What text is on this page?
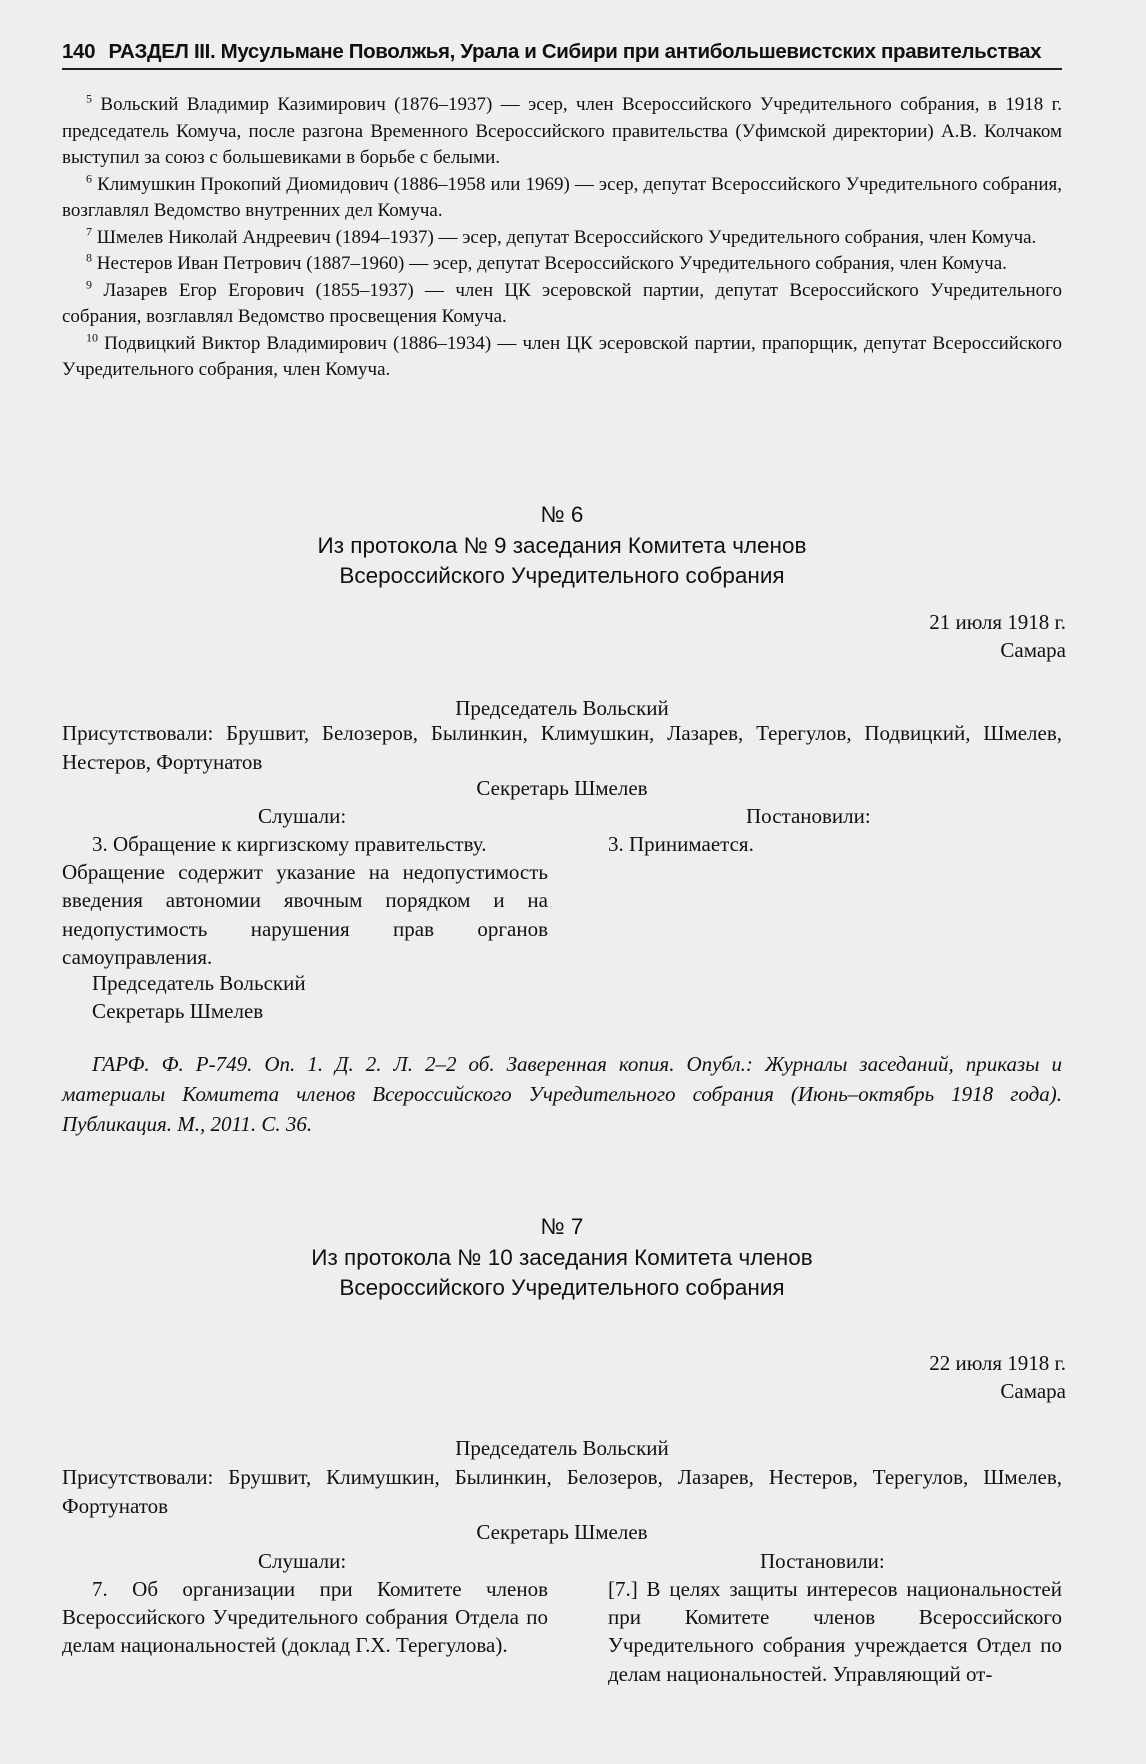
140 РАЗДЕЛ III. Мусульмане Поволжья, Урала и Сибири при антибольшевистских правительствах

$^5$ Вольский Владимир Казимирович (1876–1937) — эсер, член Всероссийского Учредительного собрания, в 1918 г. председатель Комуча, после разгона Временного Всероссийского правительства (Уфимской директории) А.В. Колчаком выступил за союз с большевиками в борьбе с белыми.

$^6$ Климушкин Прокопий Диомидович (1886–1958 или 1969) — эсер, депутат Всероссийского Учредительного собрания, возглавлял Ведомство внутренних дел Комуча.

$^7$ Шмелев Николай Андреевич (1894–1937) — эсер, депутат Всероссийского Учредительного собрания, член Комуча.

$^8$ Нестеров Иван Петрович (1887–1960) — эсер, депутат Всероссийского Учредительного собрания, член Комуча.

$^9$ Лазарев Егор Егорович (1855–1937) — член ЦК эсеровской партии, депутат Всероссийского Учредительного собрания, возглавлял Ведомство просвещения Комуча.

$^{10}$ Подвицкий Виктор Владимирович (1886–1934) — член ЦК эсеровской партии, прапорщик, депутат Всероссийского Учредительного собрания, член Комуча.

№ 6
Из протокола № 9 заседания Комитета членов
Всероссийского Учредительного собрания
21 июля 1918 г.
Самара
Председатель Вольский
Присутствовали: Брушвит, Белозеров, Былинкин, Климушкин, Лазарев, Терегулов, Подвицкий, Шмелев, Нестеров, Фортунатов
Секретарь Шмелев
Слушали:	Постановили:

3. Обращение к киргизскому правительству.

Обращение содержит указание на недопустимость введения автономии явочным порядком и на недопустимость нарушения прав органов самоуправления.

3. Принимается.
Председатель Вольский
Секретарь Шмелев
ГАРФ. Ф. Р-749. Оп. 1. Д. 2. Л. 2–2 об. Заверенная копия. Опубл.: Журналы заседаний, приказы и материалы Комитета членов Всероссийского Учредительного собрания (Июнь–октябрь 1918 года). Публикация. М., 2011. С. 36.
№ 7
Из протокола № 10 заседания Комитета членов
Всероссийского Учредительного собрания
22 июля 1918 г.
Самара
Председатель Вольский
Присутствовали: Брушвит, Климушкин, Былинкин, Белозеров, Лазарев, Нестеров, Терегулов, Шмелев, Фортунатов
Секретарь Шмелев
Слушали:	Постановили:

7. Об организации при Комитете членов Всероссийского Учредительного собрания Отдела по делам национальностей (доклад Г.Х. Терегулова).

[7.] В целях защиты интересов национальностей при Комитете членов Всероссийского Учредительного собрания учреждается Отдел по делам национальностей. Управляющий от-
